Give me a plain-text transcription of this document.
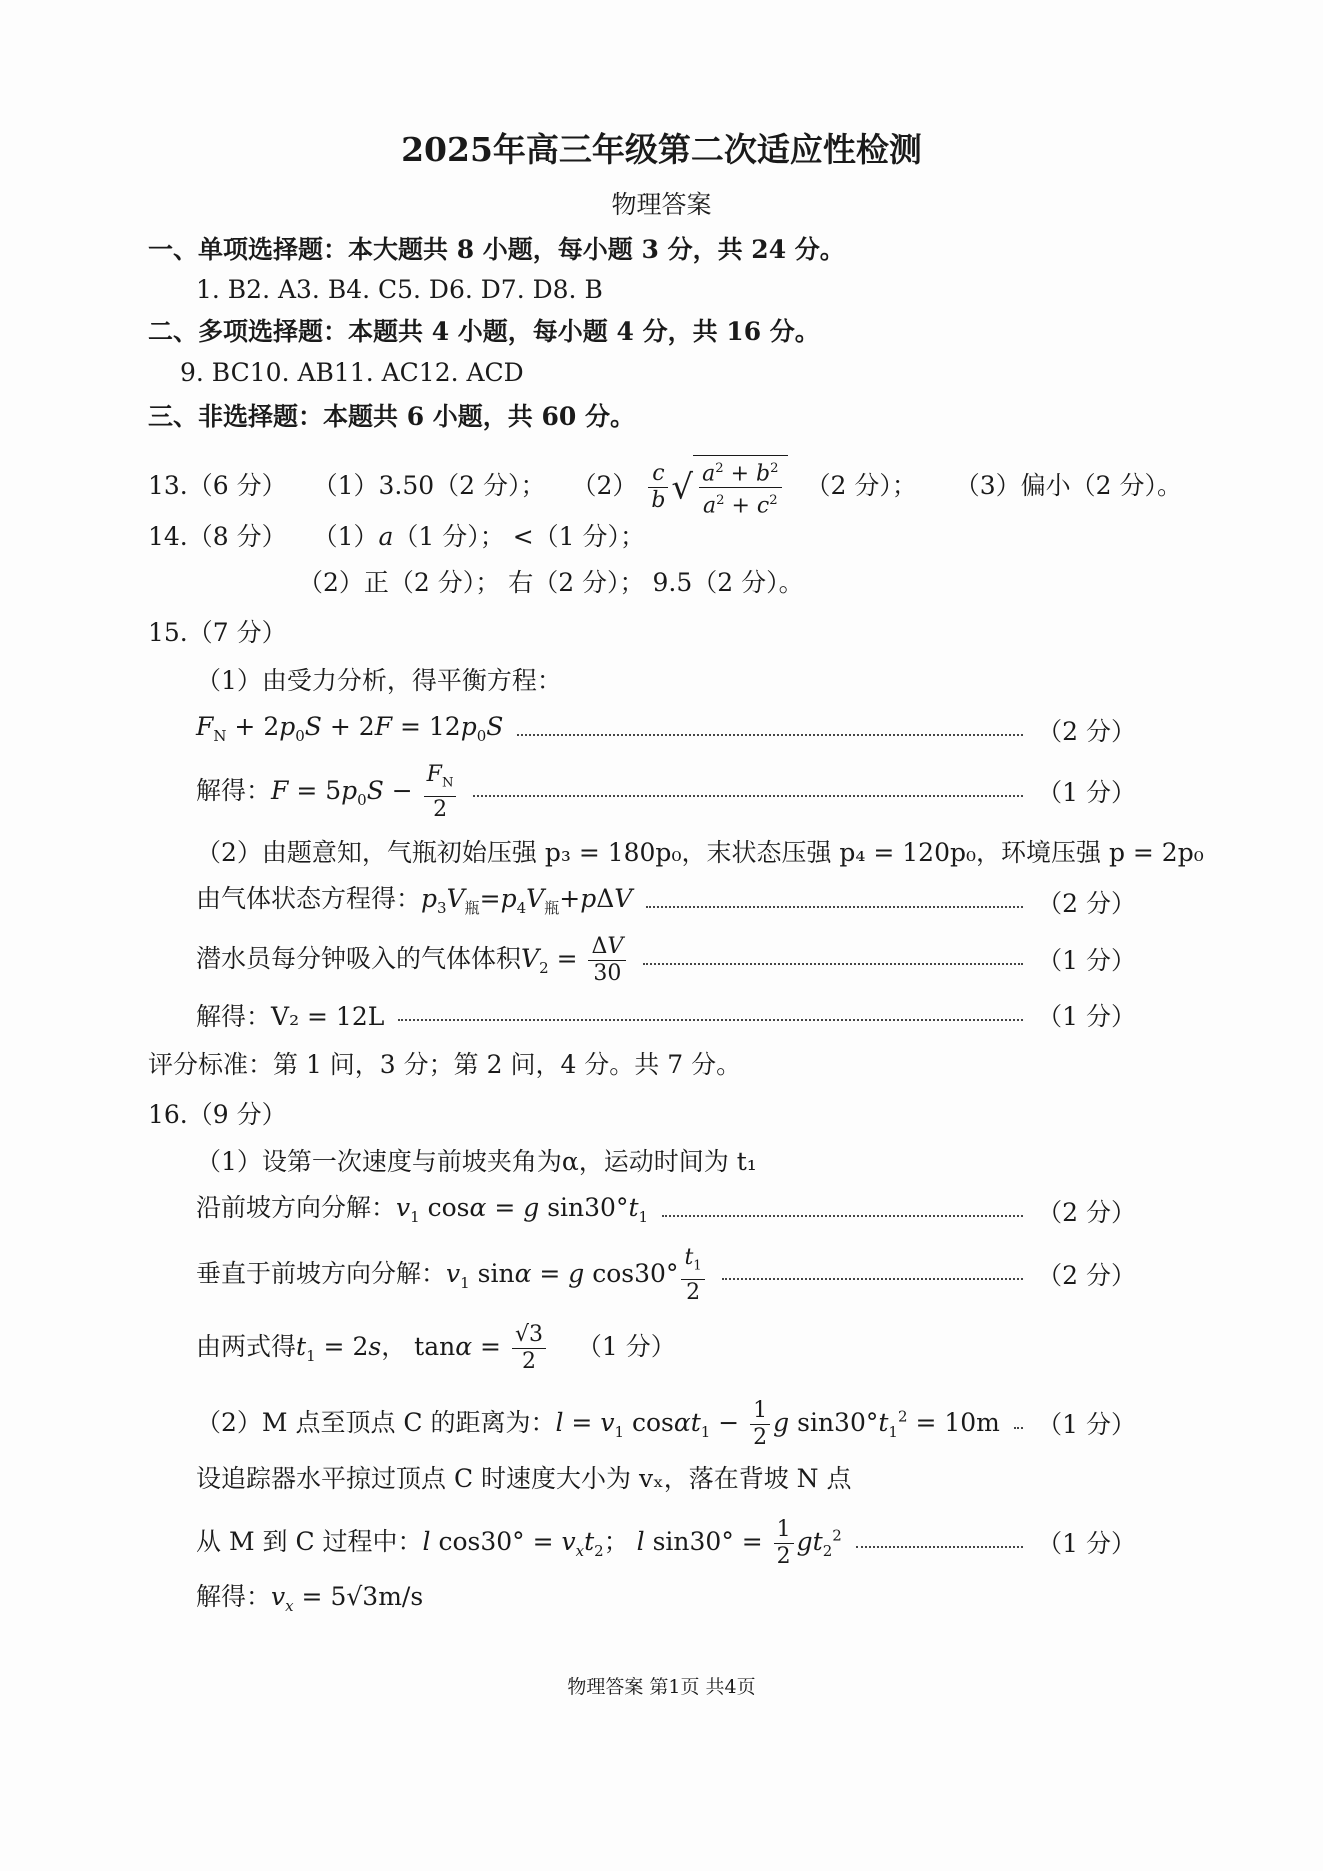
2025年高三年级第二次适应性检测
物理答案
一、单项选择题：本大题共 8 小题，每小题 3 分，共 24 分。
1. B2. A3. B4. C5. D6. D7. D8. B
二、多项选择题：本题共 4 小题，每小题 4 分，共 16 分。
9. BC10. AB11. AC12. ACD
三、非选择题：本题共 6 小题，共 60 分。
13.（6 分） （1）3.50（2 分）； $(2) \frac{c}{b}$ √ $\frac{a^2 + b^2}{a^2 + c^2} (2$ 分）； （3）偏小（2 分）。
14.（8 分） （1）a（1 分）； <（1 分）；
（2）正（2 分）； 右（2 分）； 9.5（2 分）。
15.（7 分）
（1）由受力分析，得平衡方程：
$F_N + 2p_0S + 2F = 12p_0S$	（2 分）
解得：$F = 5p_0S - \frac{F_N}{2}$	（1 分）
（2）由题意知，气瓶初始压强 p₃ = 180p₀，末状态压强 p₄ = 120p₀，环境压强 p = 2p₀
由气体状态方程得：$p_3V_瓶=p_4V_瓶+p\Delta V$	（2 分）
潜水员每分钟吸入的气体体积$V_2 = \frac{\Delta V}{30}$	（1 分）
解得：V₂ = 12L	（1 分）
评分标准：第 1 问，3 分；第 2 问，4 分。共 7 分。
16.（9 分）
（1）设第一次速度与前坡夹角为α，运动时间为 t₁
沿前坡方向分解：$v_1$ cosα = g $\sin 30^\circ t_1$	（2 分）
垂直于前坡方向分解：$v_1$ sinα = g $\cos 30^\circ \frac{t_1}{2}$	（2 分）
由两式得$t_1 = 2s$， $\tan\alpha = \frac{√3}{2} (1$ 分）
（2）M 点至顶点 C 的距离为：$l = v_1$ $\cos\alpha t_1 - \frac{1}{2}$ g $\sin 30^\circ t_1^2 = 10m$ （1 分）
设追踪器水平掠过顶点 C 时速度大小为 vₓ，落在背坡 N 点
从 M 到 C 过程中：l $\cos 30^\circ = v_xt_2$； l $\sin 30^\circ = \frac{1}{2} gt_2^2$	（1 分）
解得：$v_x = 5√3m/s$
物理答案 第1页 共4页
